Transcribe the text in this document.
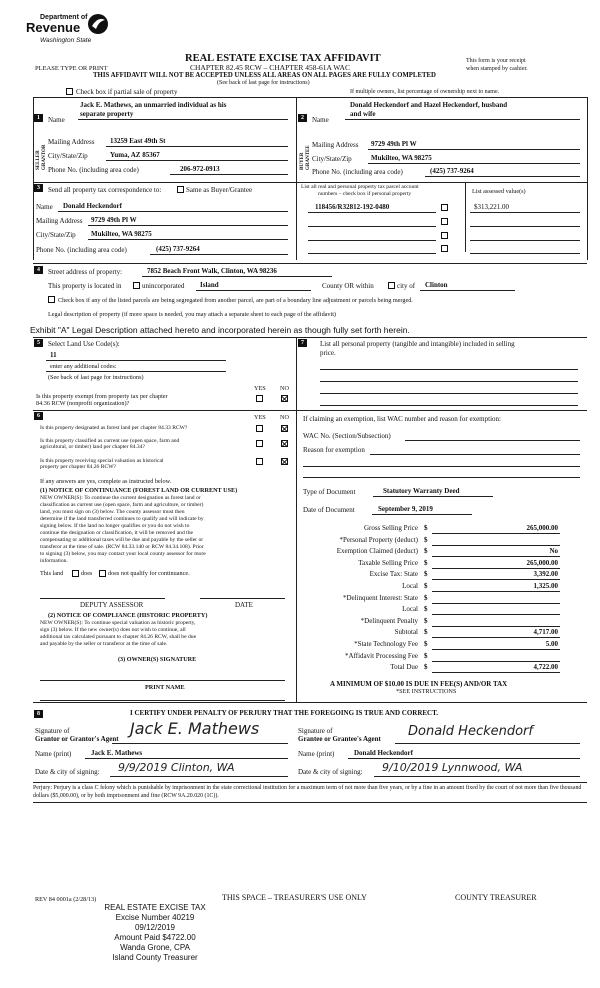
Department of
Revenue
Washington State
PLEASE TYPE OR PRINT
REAL ESTATE EXCISE TAX AFFIDAVIT
CHAPTER 82.45 RCW – CHAPTER 458-61A WAC
THIS AFFIDAVIT WILL NOT BE ACCEPTED UNLESS ALL AREAS ON ALL PAGES ARE FULLY COMPLETED
(See back of last page for instructions)
This form is your receipt
when stamped by cashier.
Check box if partial sale of property	If multiple owners, list percentage of ownership next to name.
1
SELLER GRANTOR
Name
Jack E. Mathews, an unmarried individual as his
separate property
Mailing Address 13259 East 49th St
City/State/Zip	Yuma, AZ 85367
Phone No. (including area code)	206-972-0913
2
BUYER GRANTEE
Name
Donald Heckendorf and Hazel Heckendorf, husband
and wife
Mailing Address 9729 49th Pl W
City/State/Zip	Mukilteo, WA 98275
Phone No. (including area code)	(425) 737-9264
3	Send all property tax correspondence to:	Same as Buyer/Grantee
Name Donald Heckendorf
Mailing Address 9729 49th Pl W
City/State/Zip Mukilteo, WA 98275
Phone No. (including area code)	(425) 737-9264
List all real and personal property tax parcel account
numbers – check box if personal property	List assessed value(s)
118456/R32812-192-0480	$313,221.00
4	Street address of property:	7852 Beach Front Walk, Clinton, WA 98236
This property is located in	unincorporated Island	County OR within	city of Clinton
Check box if any of the listed parcels are being segregated from another parcel, are part of a boundary line adjustment or parcels being merged.
Legal description of property (if more space is needed, you may attach a separate sheet to each page of the affidavit)
Exhibit "A" Legal Description attached hereto and incorporated herein as though fully set forth herein.
5	Select Land Use Code(s):
11
enter any additional codes:
(See back of last page for instructions)
YES NO
Is this property exempt from property tax per chapter
84.36 RCW (nonprofit organization)?
7	List all personal property (tangible and intangible) included in selling
price.
6	YES NO
Is this property designated as forest land per chapter 84.33 RCW?
Is this property classified as current use (open space, farm and
agricultural, or timber) land per chapter 84.34?
Is this property receiving special valuation as historical
property per chapter 84.26 RCW?
If any answers are yes, complete as instructed below.
(1) NOTICE OF CONTINUANCE (FOREST LAND OR CURRENT USE)
NEW OWNER(S): To continue the current designation as forest land or
classification as current use (open space, farm and agriculture, or timber)
land, you must sign on (3) below. The county assessor must then
determine if the land transferred continues to qualify and will indicate by
signing below. If the land no longer qualifies or you do not wish to
continue the designation or classification, it will be removed and the
compensating or additional taxes will be due and payable by the seller or
transferor at the time of sale. (RCW 84.33.140 or RCW 84.34.108). Prior
to signing (3) below, you may contact your local county assessor for more
information.
This land	does	does not qualify for continuance.
DEPUTY ASSESSOR	DATE
(2) NOTICE OF COMPLIANCE (HISTORIC PROPERTY)
NEW OWNER(S): To continue special valuation as historic property,
sign (3) below. If the new owner(s) does not wish to continue, all
additional tax calculated pursuant to chapter 84.26 RCW, shall be due
and payable by the seller or transferor at the time of sale.
(3) OWNER(S) SIGNATURE
PRINT NAME
If claiming an exemption, list WAC number and reason for exemption:
WAC No. (Section/Subsection)
Reason for exemption
Type of Document	Statutory Warranty Deed
Date of Document	September 9, 2019
Gross Selling Price $	265,000.00
*Personal Property (deduct) $
Exemption Claimed (deduct) $	No
Taxable Selling Price $	265,000.00
Excise Tax: State $	3,392.00
Local $	1,325.00
*Delinquent Interest: State $
Local $
*Delinquent Penalty $
Subtotal $	4,717.00
*State Technology Fee $	5.00
*Affidavit Processing Fee $
Total Due $	4,722.00
A MINIMUM OF $10.00 IS DUE IN FEE(S) AND/OR TAX
*SEE INSTRUCTIONS
8	I CERTIFY UNDER PENALTY OF PERJURY THAT THE FOREGOING IS TRUE AND CORRECT.
Signature of
Grantor or Grantor's Agent
Jack E. Mathews
Name (print)	Jack E. Mathews
Date & city of signing: 9/9/2019 Clinton, WA
Signature of
Grantee or Grantee's Agent Donald Heckendorf
Name (print)	Donald Heckendorf
Date & city of signing: 9/10/2019 Lynnwood, WA
Perjury: Perjury is a class C felony which is punishable by imprisonment in the state correctional institution for a maximum term of not more than five years, or by a fine in an amount fixed by the court of not more than five thousand dollars ($5,000.00), or by both imprisonment and fine (RCW 9A.20.020 (1C)).
REV 84 0001a (2/28/13)	THIS SPACE – TREASURER'S USE ONLY	COUNTY TREASURER
REAL ESTATE EXCISE TAX
Excise Number 40219
09/12/2019
Amount Paid $4722.00
Wanda Grone, CPA
Island County Treasurer
